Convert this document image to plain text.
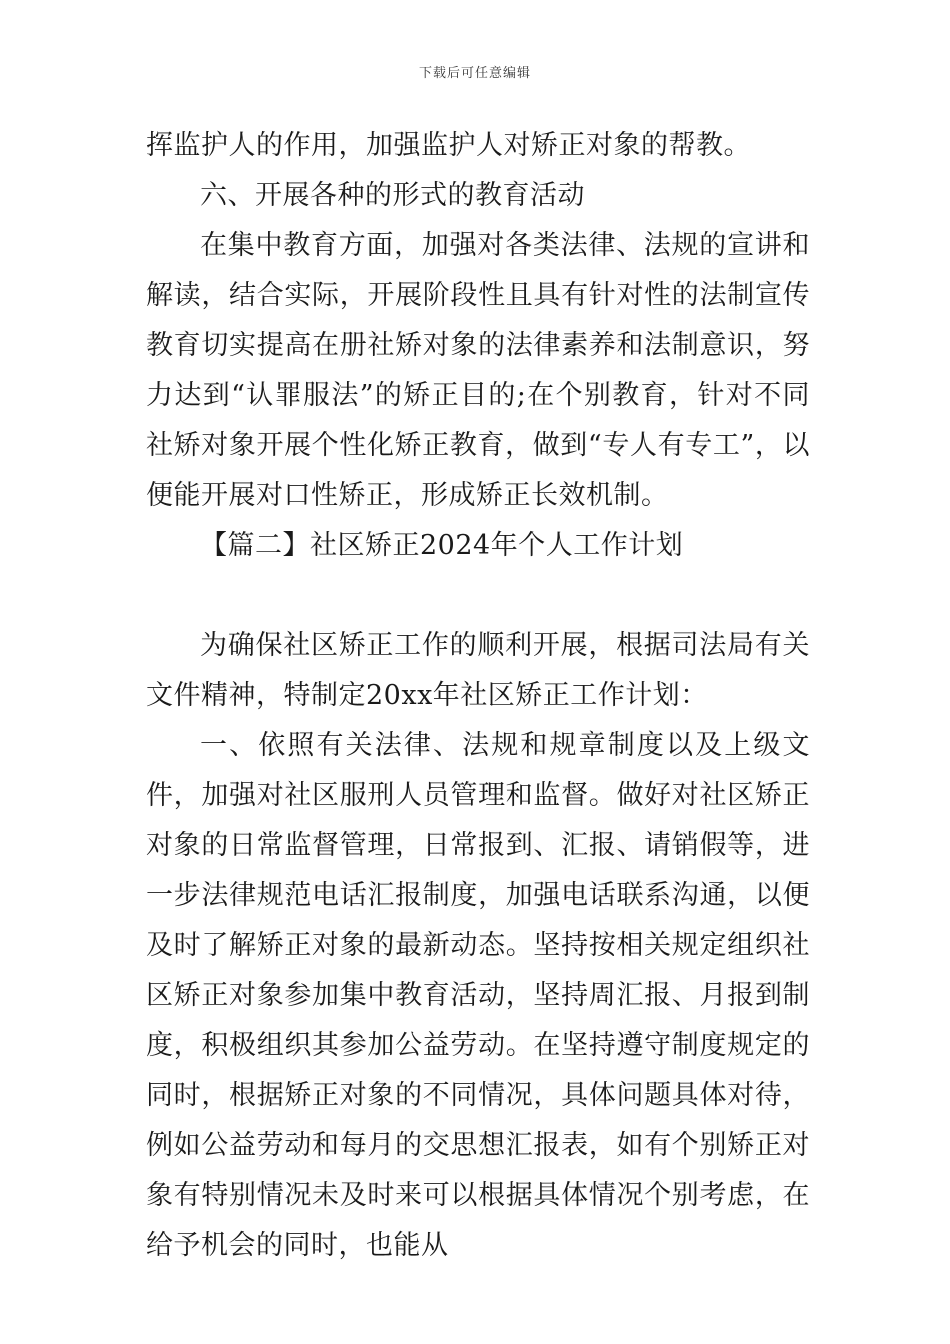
下载后可任意编辑

挥监护人的作用，加强监护人对矫正对象的帮教。

六、开展各种的形式的教育活动

在集中教育方面，加强对各类法律、法规的宣讲和解读，结合实际，开展阶段性且具有针对性的法制宣传教育切实提高在册社矫对象的法律素养和法制意识，努力达到“认罪服法”的矫正目的;在个别教育，针对不同社矫对象开展个性化矫正教育，做到“专人有专工”，以便能开展对口性矫正，形成矫正长效机制。

【篇二】社区矫正2024年个人工作计划

为确保社区矫正工作的顺利开展，根据司法局有关文件精神，特制定20xx年社区矫正工作计划：

一、依照有关法律、法规和规章制度以及上级文件，加强对社区服刑人员管理和监督。做好对社区矫正对象的日常监督管理，日常报到、汇报、请销假等，进一步法律规范电话汇报制度，加强电话联系沟通，以便及时了解矫正对象的最新动态。坚持按相关规定组织社区矫正对象参加集中教育活动，坚持周汇报、月报到制度，积极组织其参加公益劳动。在坚持遵守制度规定的同时，根据矫正对象的不同情况，具体问题具体对待，例如公益劳动和每月的交思想汇报表，如有个别矫正对象有特别情况未及时来可以根据具体情况个别考虑，在给予机会的同时，也能从
